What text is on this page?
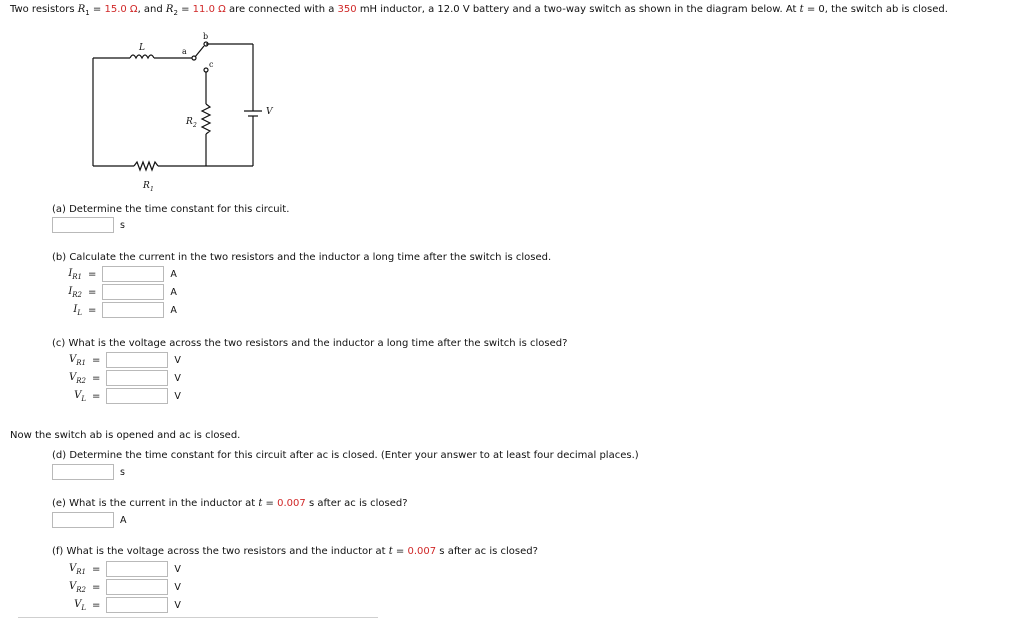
Two resistors $R_1 = 15.0$ Ω, and $R_2 = 11.0$ Ω are connected with a 350 mH inductor, a 12.0 V battery and a two-way switch as shown in the diagram below. At t = 0, the switch ab is closed.
L	a
b
c
R 2
V
R 1
(a) Determine the time constant for this circuit.
s
(b) Calculate the current in the two resistors and the inductor a long time after the switch is closed.
$I_{R1}$ =	A
$I_{R2}$ =	A
$I_L$ =	A
(c) What is the voltage across the two resistors and the inductor a long time after the switch is closed?
$V_{R1}$ =	V
$V_{R2}$ =	V
$V_L$ =	V
Now the switch ab is opened and ac is closed.
(d) Determine the time constant for this circuit after ac is closed. (Enter your answer to at least four decimal places.)
s
(e) What is the current in the inductor at t = 0.007 s after ac is closed?
A
(f) What is the voltage across the two resistors and the inductor at t = 0.007 s after ac is closed?
$V_{R1}$ =	V
$V_{R2}$ =	V
$V_L$ =	V
